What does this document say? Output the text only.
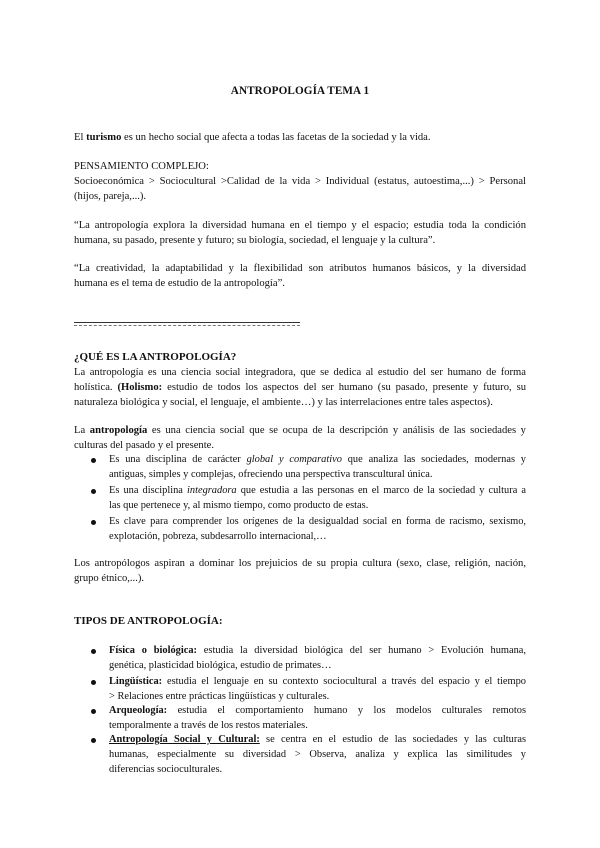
ANTROPOLOGÍA TEMA 1
El turismo es un hecho social que afecta a todas las facetas de la sociedad y la vida.
PENSAMIENTO COMPLEJO:
Socioeconómica > Sociocultural >Calidad de la vida > Individual (estatus, autoestima,...) > Personal
(hijos, pareja,...).
“La antropología explora la diversidad humana en el tiempo y el espacio; estudia toda la condición
humana, su pasado, presente y futuro; su biología, sociedad, el lenguaje y la cultura”.
“La creatividad, la adaptabilidad y la flexibilidad son atributos humanos básicos, y la diversidad
humana es el tema de estudio de la antropología”.
¿QUÉ ES LA ANTROPOLOGÍA?
La antropología es una ciencia social integradora, que se dedica al estudio del ser humano de forma
holística. (Holismo: estudio de todos los aspectos del ser humano (su pasado, presente y futuro, su
naturaleza biológica y social, el lenguaje, el ambiente…) y las interrelaciones entre tales aspectos).
La antropología es una ciencia social que se ocupa de la descripción y análisis de las sociedades y
culturas del pasado y el presente.
Es una disciplina de carácter global y comparativo que analiza las sociedades, modernas y
antiguas, simples y complejas, ofreciendo una perspectiva transcultural única.
Es una disciplina integradora que estudia a las personas en el marco de la sociedad y cultura a
las que pertenece y, al mismo tiempo, como producto de estas.
Es clave para comprender los orígenes de la desigualdad social en forma de racismo, sexismo,
explotación, pobreza, subdesarrollo internacional,…
Los antropólogos aspiran a dominar los prejuicios de su propia cultura (sexo, clase, religión, nación,
grupo étnico,...).
TIPOS DE ANTROPOLOGÍA:
Física o biológica: estudia la diversidad biológica del ser humano > Evolución humana,
genética, plasticidad biológica, estudio de primates…
Lingüística: estudia el lenguaje en su contexto sociocultural a través del espacio y el tiempo
> Relaciones entre prácticas lingüísticas y culturales.
Arqueología: estudia el comportamiento humano y los modelos culturales remotos
temporalmente a través de los restos materiales.
Antropología Social y Cultural: se centra en el estudio de las sociedades y las culturas
humanas, especialmente su diversidad > Observa, analiza y explica las similitudes y
diferencias socioculturales.
